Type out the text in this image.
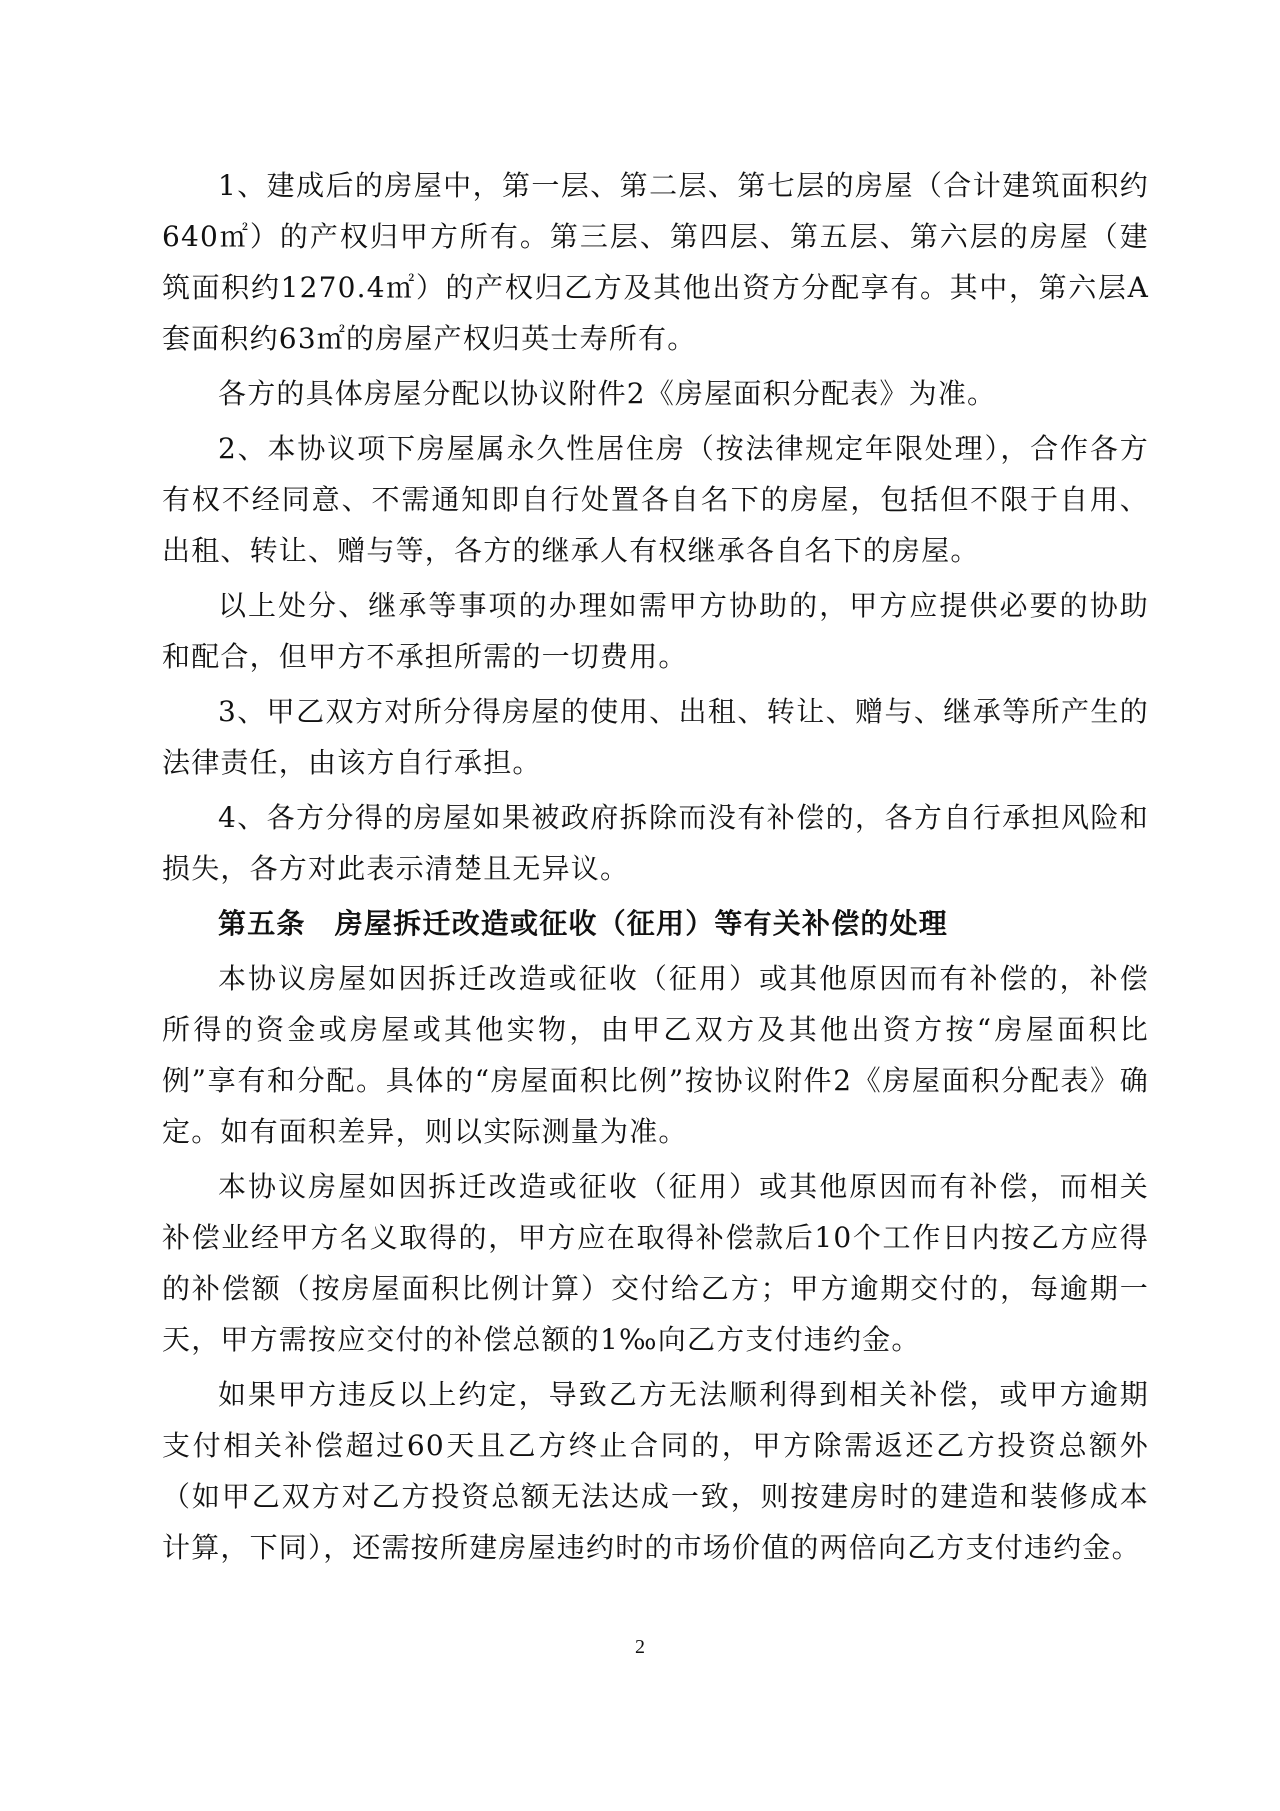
1、建成后的房屋中，第一层、第二层、第七层的房屋（合计建筑面积约640㎡）的产权归甲方所有。第三层、第四层、第五层、第六层的房屋（建筑面积约1270.4㎡）的产权归乙方及其他出资方分配享有。其中，第六层A套面积约63㎡的房屋产权归英士寿所有。

各方的具体房屋分配以协议附件2《房屋面积分配表》为准。

2、本协议项下房屋属永久性居住房（按法律规定年限处理），合作各方有权不经同意、不需通知即自行处置各自名下的房屋，包括但不限于自用、出租、转让、赠与等，各方的继承人有权继承各自名下的房屋。

以上处分、继承等事项的办理如需甲方协助的，甲方应提供必要的协助和配合，但甲方不承担所需的一切费用。

3、甲乙双方对所分得房屋的使用、出租、转让、赠与、继承等所产生的法律责任，由该方自行承担。

4、各方分得的房屋如果被政府拆除而没有补偿的，各方自行承担风险和损失，各方对此表示清楚且无异议。

第五条　房屋拆迁改造或征收（征用）等有关补偿的处理

本协议房屋如因拆迁改造或征收（征用）或其他原因而有补偿的，补偿所得的资金或房屋或其他实物，由甲乙双方及其他出资方按“房屋面积比例”享有和分配。具体的“房屋面积比例”按协议附件2《房屋面积分配表》确定。如有面积差异，则以实际测量为准。

本协议房屋如因拆迁改造或征收（征用）或其他原因而有补偿，而相关补偿业经甲方名义取得的，甲方应在取得补偿款后10个工作日内按乙方应得的补偿额（按房屋面积比例计算）交付给乙方；甲方逾期交付的，每逾期一天，甲方需按应交付的补偿总额的1‰向乙方支付违约金。

如果甲方违反以上约定，导致乙方无法顺利得到相关补偿，或甲方逾期支付相关补偿超过60天且乙方终止合同的，甲方除需返还乙方投资总额外（如甲乙双方对乙方投资总额无法达成一致，则按建房时的建造和装修成本计算，下同），还需按所建房屋违约时的市场价值的两倍向乙方支付违约金。

2
